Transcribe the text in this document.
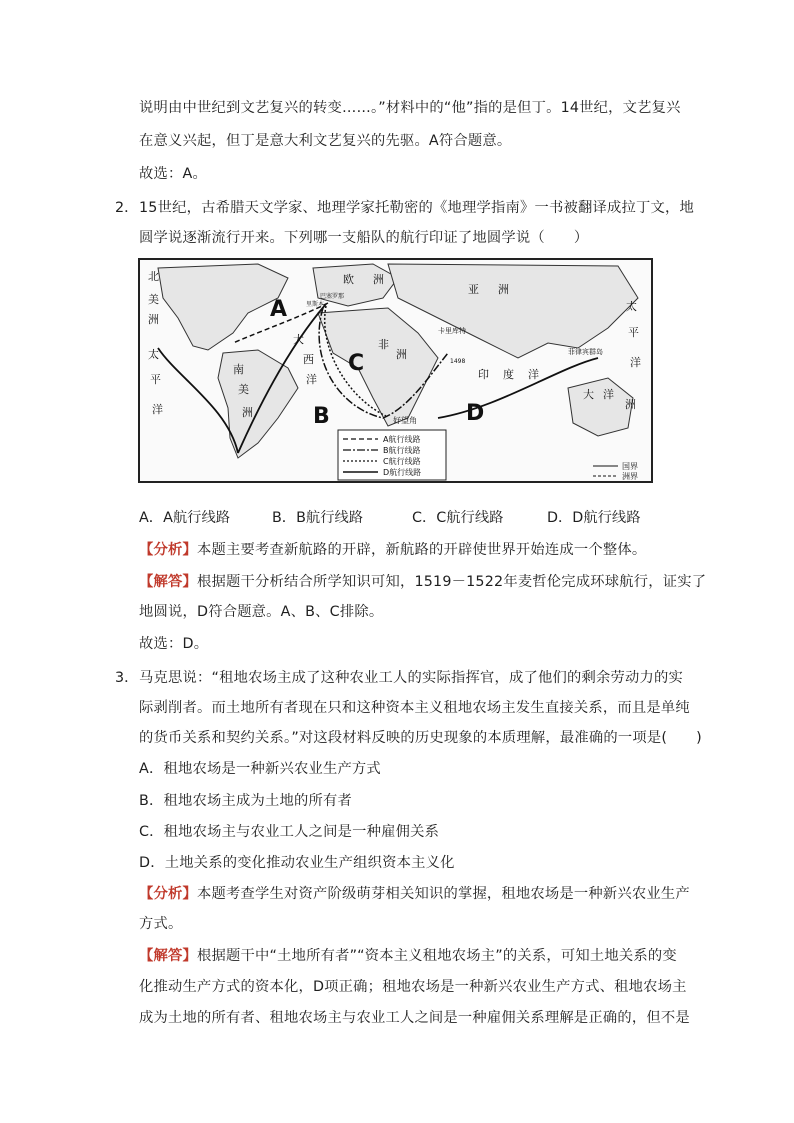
说明由中世纪到文艺复兴的转变……。”材料中的“他”指的是但丁。14世纪，文艺复兴
在意义兴起，但丁是意大利文艺复兴的先驱。A符合题意。
故选：A。
2． 15世纪，古希腊天文学家、地理学家托勒密的《地理学指南》一书被翻译成拉丁文，地
圆学说逐渐流行开来。下列哪一支船队的航行印证了地圆学说（　　）
A
B
C
D
北
美
洲
南
美
洲
欧 洲
亚 洲
非
洲
大
西
洋	印 度 洋
太
平
洋
太
平
洋
大 洋
洲
好望角
卡里库特
菲律宾群岛
1498
里斯本
巴塞罗那
A航行线路
B航行线路
C航行线路
D航行线路
国界
洲界
A．A航行线路	B．B航行线路	C．C航行线路	D．D航行线路
【分析】本题主要考查新航路的开辟，新航路的开辟使世界开始连成一个整体。
【解答】根据题干分析结合所学知识可知，1519－1522年麦哲伦完成环球航行，证实了
地圆说，D符合题意。A、B、C排除。
故选：D。
3． 马克思说：“租地农场主成了这种农业工人的实际指挥官，成了他们的剩余劳动力的实
际剥削者。而土地所有者现在只和这种资本主义租地农场主发生直接关系，而且是单纯
的货币关系和契约关系。”对这段材料反映的历史现象的本质理解，最准确的一项是(　　)
A．租地农场是一种新兴农业生产方式
B．租地农场主成为土地的所有者
C．租地农场主与农业工人之间是一种雇佣关系
D．土地关系的变化推动农业生产组织资本主义化
【分析】本题考查学生对资产阶级萌芽相关知识的掌握，租地农场是一种新兴农业生产
方式。
【解答】根据题干中“土地所有者”“资本主义租地农场主”的关系，可知土地关系的变
化推动生产方式的资本化，D项正确；租地农场是一种新兴农业生产方式、租地农场主
成为土地的所有者、租地农场主与农业工人之间是一种雇佣关系理解是正确的，但不是
